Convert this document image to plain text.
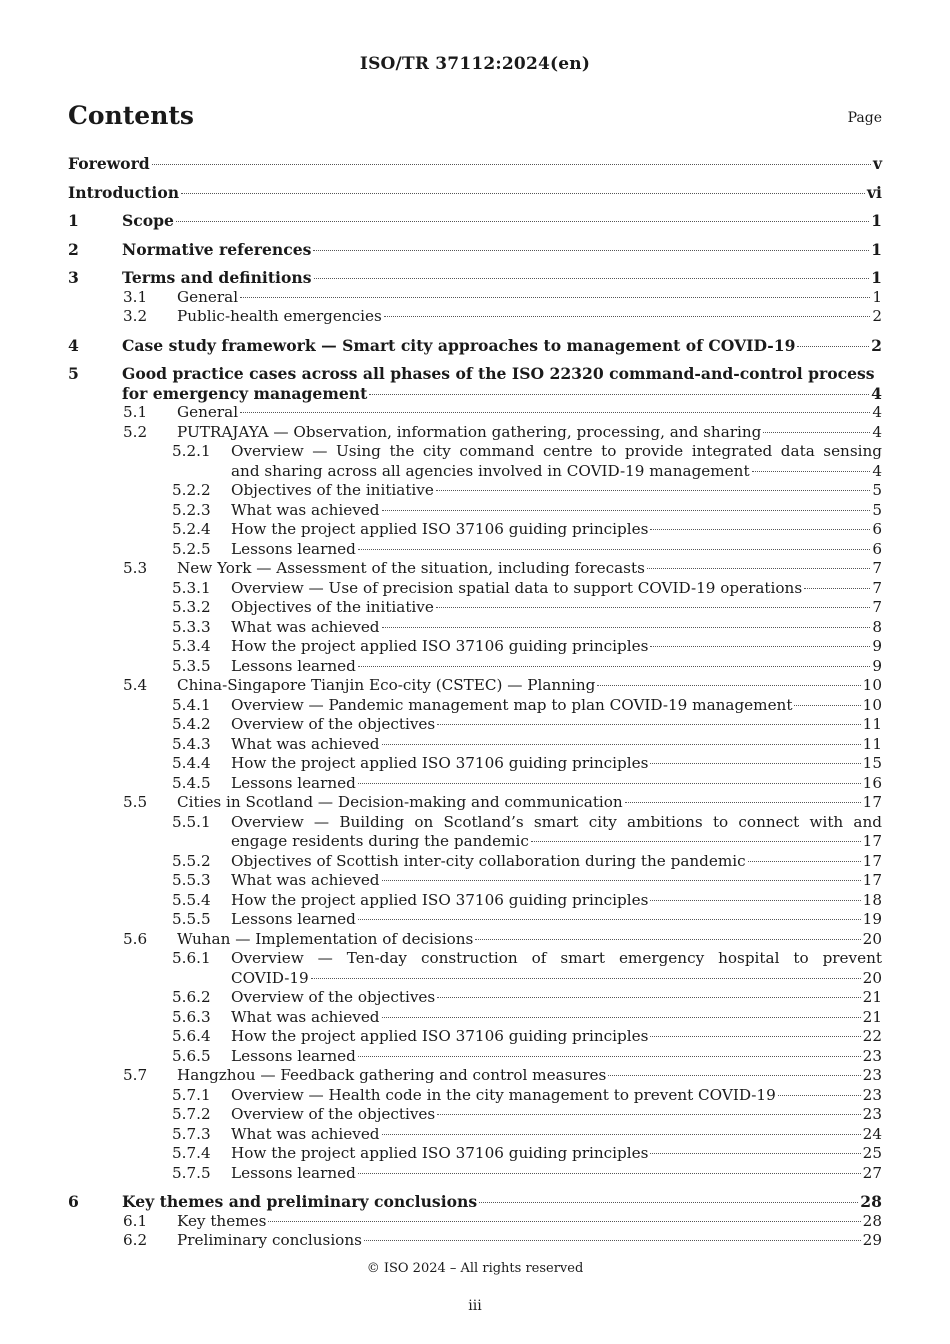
ISO/TR 37112:2024(en)
Contents	Page
Foreword	v
Introduction	vi
1	Scope	1
2	Normative references	1
3	Terms and definitions	1
3.1 General	1
3.2 Public-health emergencies	2
4	Case study framework — Smart city approaches to management of COVID-19	2
5	Good practice cases across all phases of the ISO 22320 command-and-control process
for emergency management	4
5.1 General	4
5.2 PUTRAJAYA — Observation, information gathering, processing, and sharing	4
5.2.1 Overview — Using the city command centre to provide integrated data sensing
and sharing across all agencies involved in COVID-19 management	4
5.2.2 Objectives of the initiative	5
5.2.3 What was achieved	5
5.2.4 How the project applied ISO 37106 guiding principles	6
5.2.5 Lessons learned	6
5.3 New York — Assessment of the situation, including forecasts	7
5.3.1 Overview — Use of precision spatial data to support COVID-19 operations	7
5.3.2 Objectives of the initiative	7
5.3.3 What was achieved	8
5.3.4 How the project applied ISO 37106 guiding principles	9
5.3.5 Lessons learned	9
5.4 China-Singapore Tianjin Eco-city (CSTEC) — Planning	10
5.4.1 Overview — Pandemic management map to plan COVID-19 management	10
5.4.2 Overview of the objectives	11
5.4.3 What was achieved	11
5.4.4 How the project applied ISO 37106 guiding principles	15
5.4.5 Lessons learned	16
5.5 Cities in Scotland — Decision-making and communication	17
5.5.1 Overview — Building on Scotland’s smart city ambitions to connect with and
engage residents during the pandemic	17
5.5.2 Objectives of Scottish inter-city collaboration during the pandemic	17
5.5.3 What was achieved	17
5.5.4 How the project applied ISO 37106 guiding principles	18
5.5.5 Lessons learned	19
5.6 Wuhan — Implementation of decisions	20
5.6.1 Overview — Ten-day construction of smart emergency hospital to prevent
COVID-19	20
5.6.2 Overview of the objectives	21
5.6.3 What was achieved	21
5.6.4 How the project applied ISO 37106 guiding principles	22
5.6.5 Lessons learned	23
5.7 Hangzhou — Feedback gathering and control measures	23
5.7.1 Overview — Health code in the city management to prevent COVID-19	23
5.7.2 Overview of the objectives	23
5.7.3 What was achieved	24
5.7.4 How the project applied ISO 37106 guiding principles	25
5.7.5 Lessons learned	27
6	Key themes and preliminary conclusions	28
6.1 Key themes	28
6.2 Preliminary conclusions	29
© ISO 2024 – All rights reserved
iii
